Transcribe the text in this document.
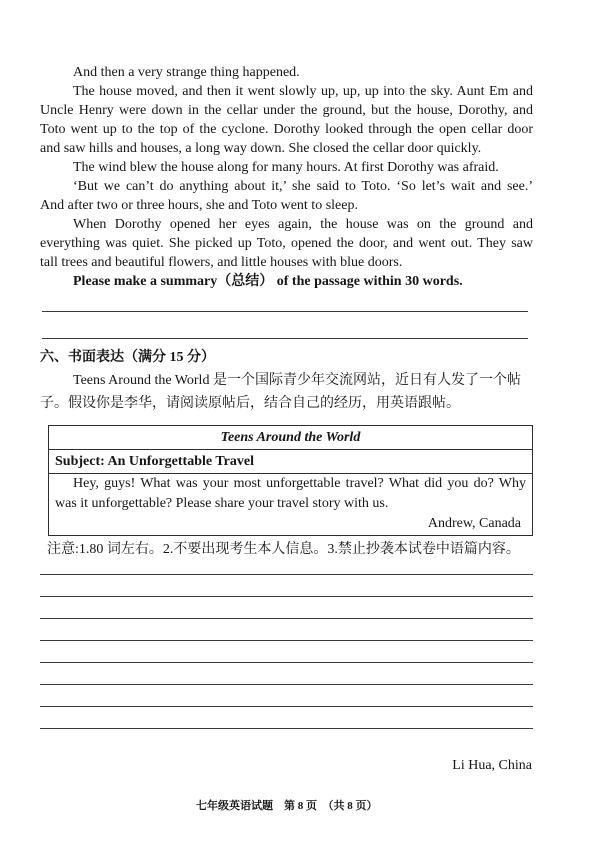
And then a very strange thing happened.
The house moved, and then it went slowly up, up, up into the sky. Aunt Em and
Uncle Henry were down in the cellar under the ground, but the house, Dorothy, and
Toto went up to the top of the cyclone. Dorothy looked through the open cellar door
and saw hills and houses, a long way down. She closed the cellar door quickly.
The wind blew the house along for many hours. At first Dorothy was afraid.
‘But we can’t do anything about it,’ she said to Toto. ‘So let’s wait and see.’
And after two or three hours, she and Toto went to sleep.
When Dorothy opened her eyes again, the house was on the ground and
everything was quiet. She picked up Toto, opened the door, and went out. They saw
tall trees and beautiful flowers, and little houses with blue doors.
Please make a summary（总结） of the passage within 30 words.
六、书面表达（满分 15 分）
Teens Around the World 是一个国际青少年交流网站，近日有人发了一个帖
子。假设你是李华，请阅读原帖后，结合自己的经历，用英语跟帖。
Teens Around the World
Subject: An Unforgettable Travel
Hey, guys! What was your most unforgettable travel? What did you do? Why
was it unforgettable? Please share your travel story with us.
Andrew, Canada
注意:1.80 词左右。2.不要出现考生本人信息。3.禁止抄袭本试卷中语篇内容。
Li Hua, China
七年级英语试题　第 8 页　（共 8 页）
